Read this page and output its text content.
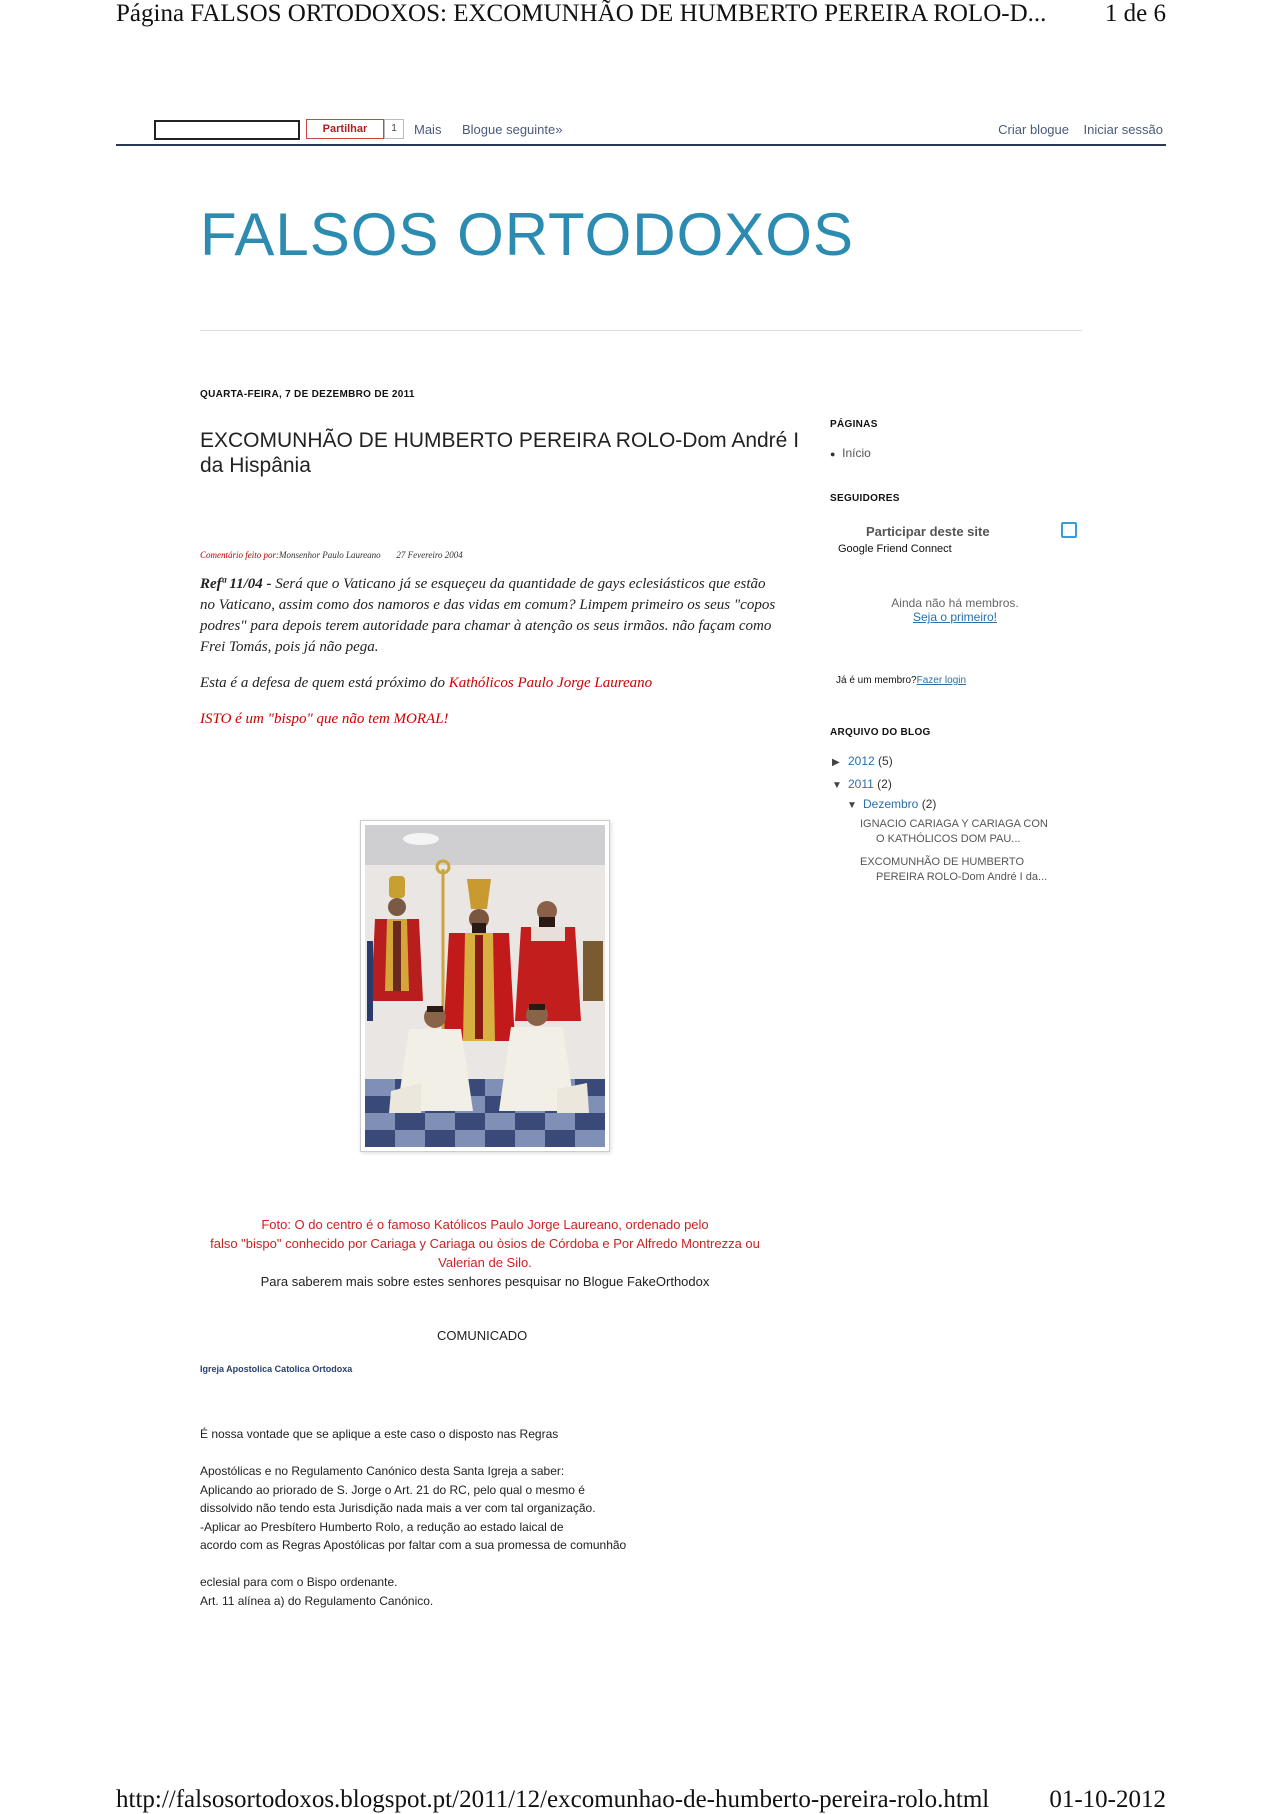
Página FALSOS ORTODOXOS: EXCOMUNHÃO DE HUMBERTO PEREIRA ROLO-D... 1 de 6
Partilhar	1	Mais Blogue seguinte»	Criar blogue Iniciar sessão
FALSOS ORTODOXOS
QUARTA-FEIRA, 7 DE DEZEMBRO DE 2011
EXCOMUNHÃO DE HUMBERTO PEREIRA ROLO-Dom André I da Hispânia
Comentário feito por:Monsenhor Paulo Laureano 27 Fevereiro 2004
Refª 11/04 - Será que o Vaticano já se esqueçeu da quantidade de gays eclesiásticos que estão no Vaticano, assim como dos namoros e das vidas em comum? Limpem primeiro os seus "copos podres" para depois terem autoridade para chamar à atenção os seus irmãos. não façam como Frei Tomás, pois já não pega.
Esta é a defesa de quem está próximo do Kathólicos Paulo Jorge Laureano
ISTO é um "bispo" que não tem MORAL!
Foto: O do centro é o famoso Katólicos Paulo Jorge Laureano, ordenado pelo
falso "bispo" conhecido por Cariaga y Cariaga ou òsios de Córdoba e Por Alfredo Montrezza ou
Valerian de Silo.
Para saberem mais sobre estes senhores pesquisar no Blogue FakeOrthodox
COMUNICADO
Igreja Apostolica Catolica Ortodoxa
É nossa vontade que se aplique a este caso o disposto nas Regras

Apostólicas e no Regulamento Canónico desta Santa Igreja a saber:
Aplicando ao priorado de S. Jorge o Art. 21 do RC, pelo qual o mesmo é
dissolvido não tendo esta Jurisdição nada mais a ver com tal organização.
-Aplicar ao Presbítero Humberto Rolo, a redução ao estado laical de
acordo com as Regras Apostólicas por faltar com a sua promessa de comunhão

eclesial para com o Bispo ordenante.
Art. 11 alínea a) do Regulamento Canónico.
PÁGINAS
● Início
SEGUIDORES
Participar deste site
Google Friend Connect
Ainda não há membros.
Seja o primeiro!
Já é um membro?Fazer login
ARQUIVO DO BLOG
▶ 2012 (5)
▼ 2011 (2)
▼ Dezembro (2)
IGNACIO CARIAGA Y CARIAGA CON
O KATHÓLICOS DOM PAU...
EXCOMUNHÃO DE HUMBERTO
PEREIRA ROLO-Dom André I da...
http://falsosortodoxos.blogspot.pt/2011/12/excomunhao-de-humberto-pereira-rolo.html 01-10-2012
